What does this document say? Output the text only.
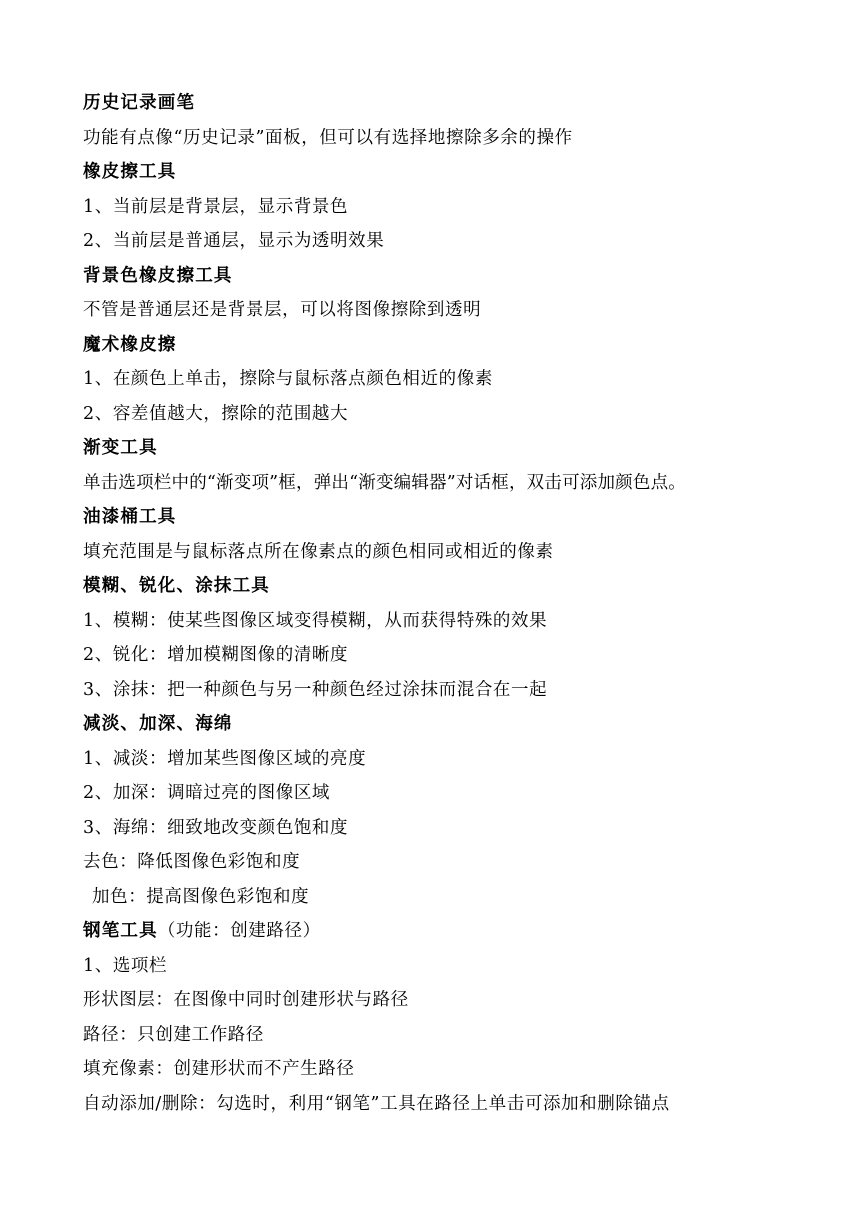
历史记录画笔
功能有点像“历史记录”面板，但可以有选择地擦除多余的操作
橡皮擦工具
1、当前层是背景层，显示背景色
2、当前层是普通层，显示为透明效果
背景色橡皮擦工具
不管是普通层还是背景层，可以将图像擦除到透明
魔术橡皮擦
1、在颜色上单击，擦除与鼠标落点颜色相近的像素
2、容差值越大，擦除的范围越大
渐变工具
单击选项栏中的“渐变项”框，弹出“渐变编辑器”对话框，双击可添加颜色点。
油漆桶工具
填充范围是与鼠标落点所在像素点的颜色相同或相近的像素
模糊、锐化、涂抹工具
1、模糊：使某些图像区域变得模糊，从而获得特殊的效果
2、锐化：增加模糊图像的清晰度
3、涂抹：把一种颜色与另一种颜色经过涂抹而混合在一起
减淡、加深、海绵
1、减淡：增加某些图像区域的亮度
2、加深：调暗过亮的图像区域
3、海绵：细致地改变颜色饱和度
去色：降低图像色彩饱和度
加色：提高图像色彩饱和度
钢笔工具（功能：创建路径）
1、选项栏
形状图层：在图像中同时创建形状与路径
路径：只创建工作路径
填充像素：创建形状而不产生路径
自动添加/删除：勾选时，利用“钢笔”工具在路径上单击可添加和删除锚点
